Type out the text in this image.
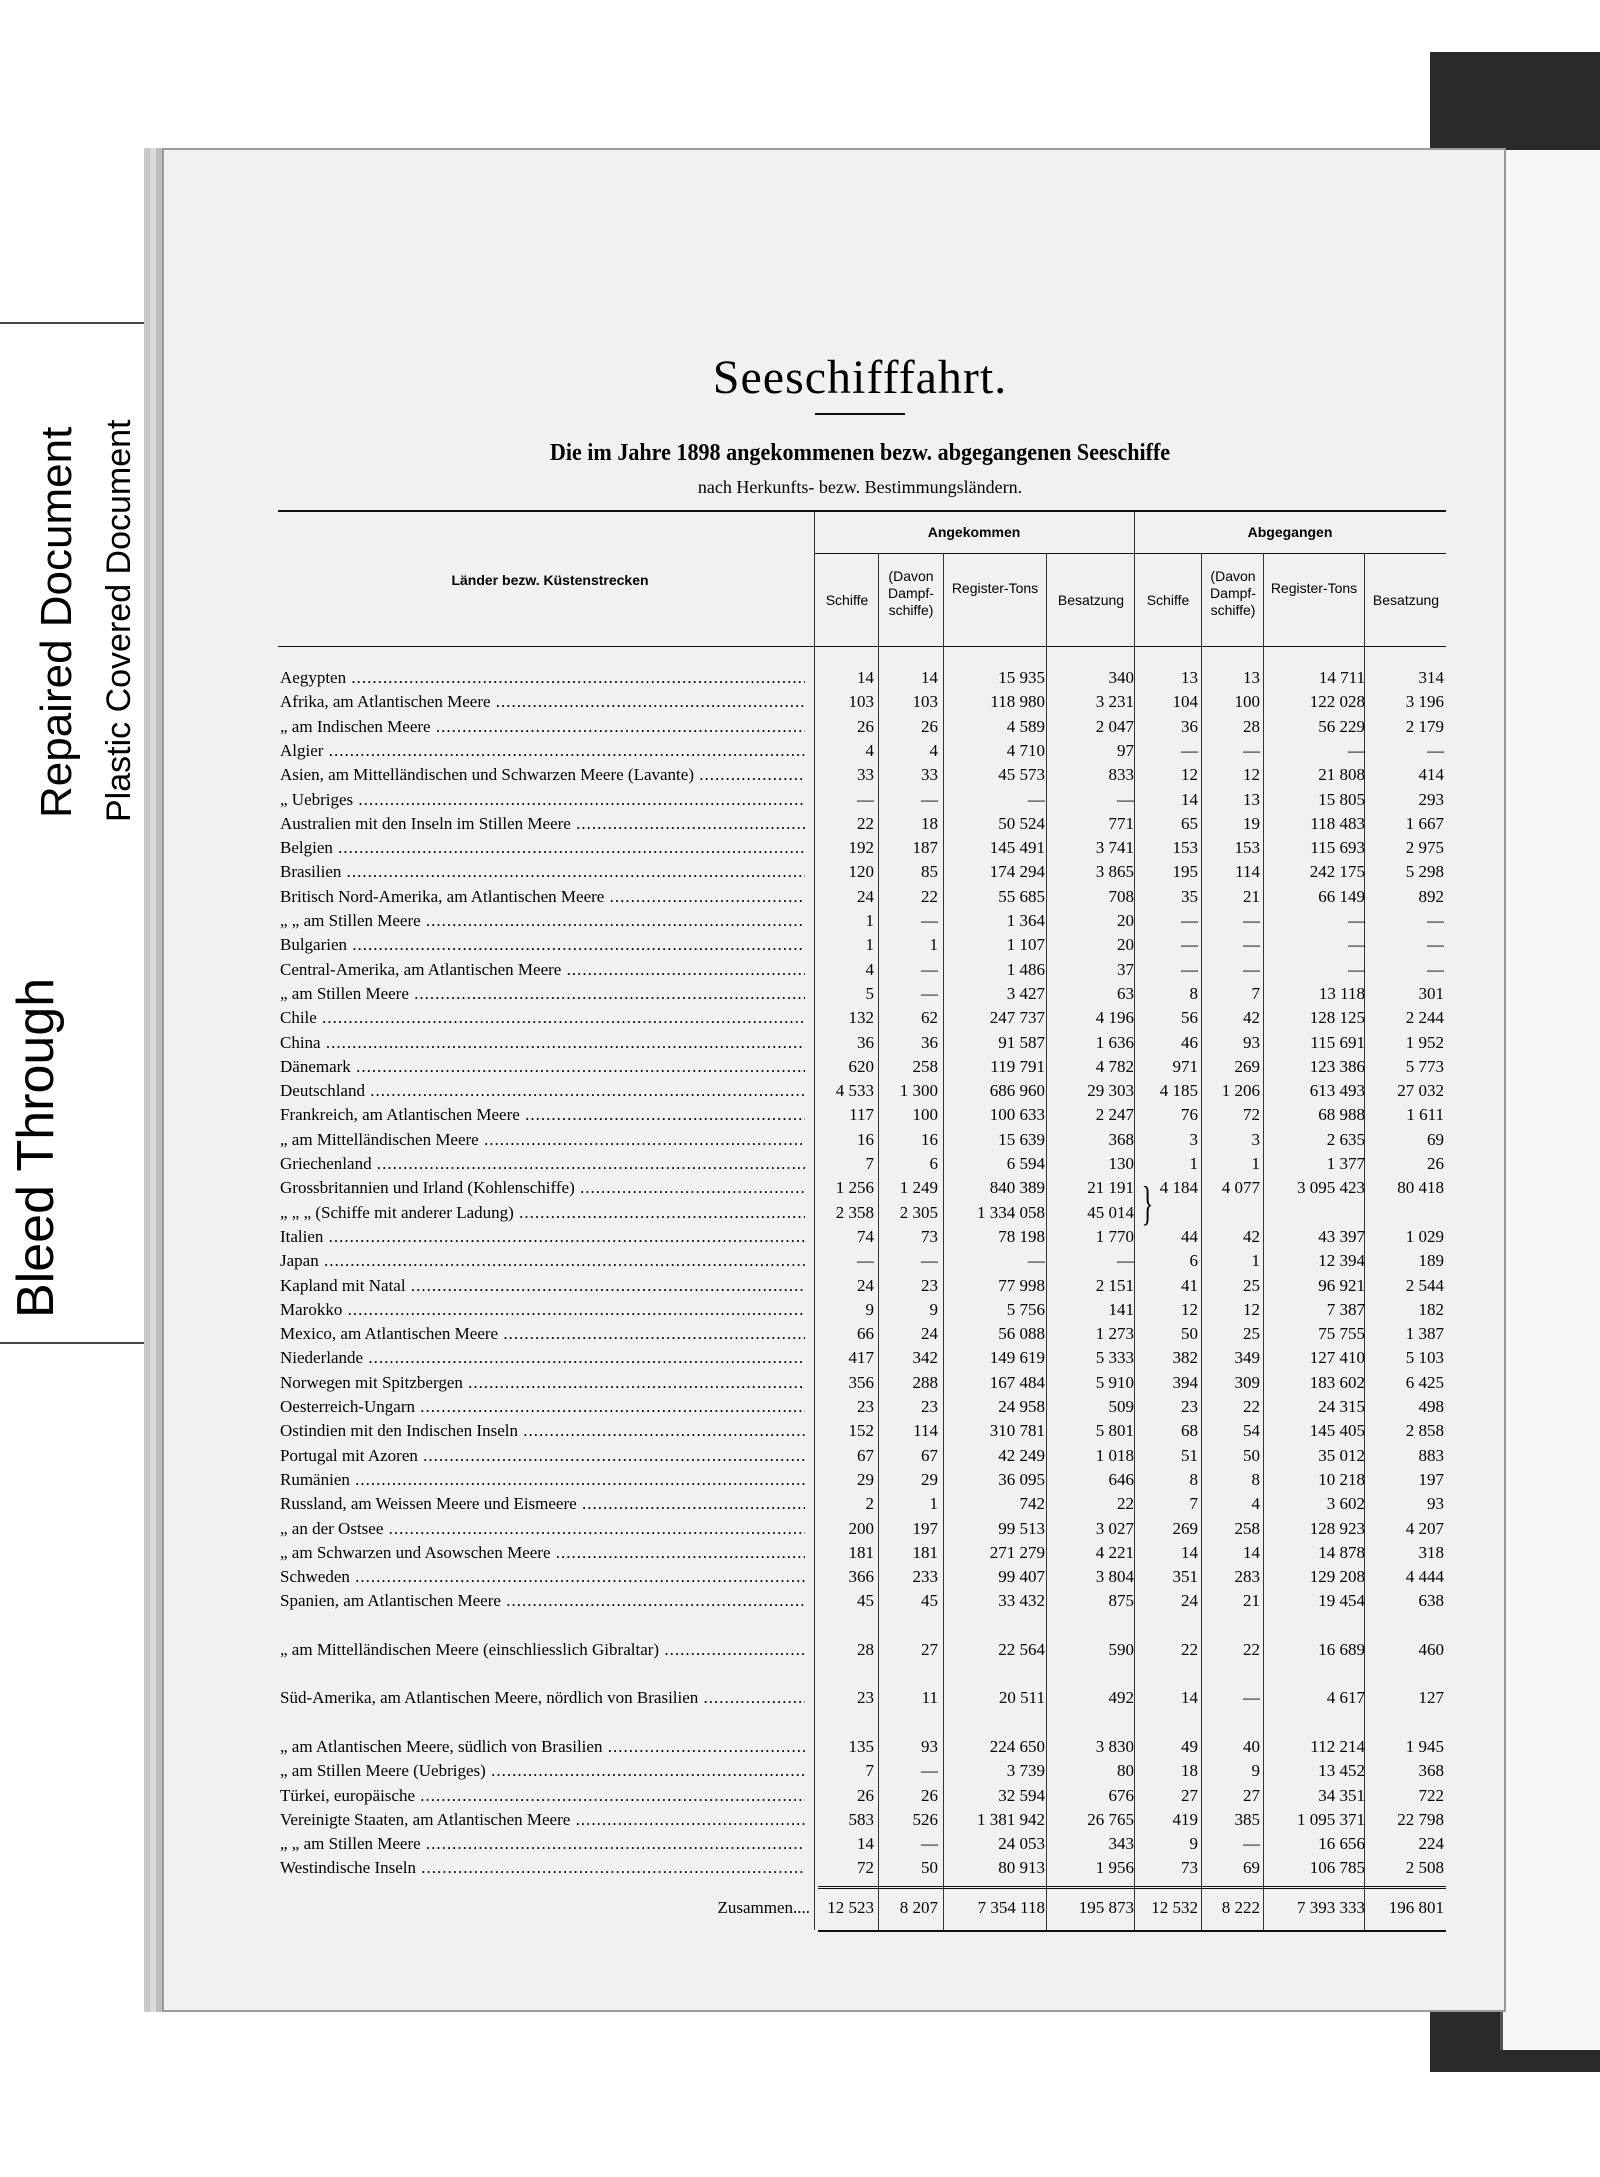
Bleed Through
Repaired Document Plastic Covered Document
Seeschifffahrt.
Die im Jahre 1898 angekommenen bezw. abgegangenen Seeschiffe
nach Herkunfts- bezw. Bestimmungsländern.
Länder bezw. Küstenstrecken
Angekommen	Abgegangen
Schiffe
(Davon Dampf-schiffe)
Register-Tons
Besatzung	Schiffe
(Davon Dampf-schiffe)
Register-Tons
Besatzung
Aegypten .....	14	14	15 935	340	13	13	14 711	314
Afrika, am Atlantischen Meere .....	103	103	118 980	3 231	104	100	122 028	3 196
„ am Indischen Meere .....	26	26	4 589	2 047	36	28	56 229	2 179
Algier .....	4	4	4 710	97	—	—	—	—
Asien, am Mittelländischen und Schwarzen Meere (Lavante) .....	33	33	45 573	833	12	12	21 808	414
„ Uebriges .....	—	—	—	—	14	13	15 805	293
Australien mit den Inseln im Stillen Meere .....	22	18	50 524	771	65	19	118 483	1 667
Belgien .....	192	187	145 491	3 741	153	153	115 693	2 975
Brasilien .....	120	85	174 294	3 865	195	114	242 175	5 298
Britisch Nord-Amerika, am Atlantischen Meere .....	24	22	55 685	708	35	21	66 149	892
„ „ am Stillen Meere .....	1	—	1 364	20	—	—	—	—
Bulgarien .....	1	1	1 107	20	—	—	—	—
Central-Amerika, am Atlantischen Meere .....	4	—	1 486	37	—	—	—	—
„ am Stillen Meere .....	5	—	3 427	63	8	7	13 118	301
Chile .....	132	62	247 737	4 196	56	42	128 125	2 244
China .....	36	36	91 587	1 636	46	93	115 691	1 952
Dänemark .....	620	258	119 791	4 782	971	269	123 386	5 773
Deutschland .....	4 533	1 300	686 960	29 303	4 185	1 206	613 493	27 032
Frankreich, am Atlantischen Meere .....	117	100	100 633	2 247	76	72	68 988	1 611
„ am Mittelländischen Meere .....	16	16	15 639	368	3	3	2 635	69
Griechenland .....	7	6	6 594	130	1	1	1 377	26
Grossbritannien und Irland (Kohlenschiffe) .....	1 256	1 249	840 389	21 191	4 184	4 077	3 095 423	80 418
„ „ „ (Schiffe mit anderer Ladung) .....	2 358	2 305	1 334 058	45 014
Italien .....	74	73	78 198	1 770	44	42	43 397	1 029
Japan .....	—	—	—	—	6	1	12 394	189
Kapland mit Natal .....	24	23	77 998	2 151	41	25	96 921	2 544
Marokko .....	9	9	5 756	141	12	12	7 387	182
Mexico, am Atlantischen Meere .....	66	24	56 088	1 273	50	25	75 755	1 387
Niederlande .....	417	342	149 619	5 333	382	349	127 410	5 103
Norwegen mit Spitzbergen .....	356	288	167 484	5 910	394	309	183 602	6 425
Oesterreich-Ungarn .....	23	23	24 958	509	23	22	24 315	498
Ostindien mit den Indischen Inseln .....	152	114	310 781	5 801	68	54	145 405	2 858
Portugal mit Azoren .....	67	67	42 249	1 018	51	50	35 012	883
Rumänien .....	29	29	36 095	646	8	8	10 218	197
Russland, am Weissen Meere und Eismeere .....	2	1	742	22	7	4	3 602	93
„ an der Ostsee .....	200	197	99 513	3 027	269	258	128 923	4 207
„ am Schwarzen und Asowschen Meere .....	181	181	271 279	4 221	14	14	14 878	318
Schweden .....	366	233	99 407	3 804	351	283	129 208	4 444
Spanien, am Atlantischen Meere .....	45	45	33 432	875	24	21	19 454	638
„ am Mittelländischen Meere (einschliesslich Gibraltar) .....	28	27	22 564	590	22	22	16 689	460
Süd-Amerika, am Atlantischen Meere, nördlich von Brasilien .....	23	11	20 511	492	14	—	4 617	127
„ am Atlantischen Meere, südlich von Brasilien .....	135	93	224 650	3 830	49	40	112 214	1 945
„ am Stillen Meere (Uebriges) .....	7	—	3 739	80	18	9	13 452	368
Türkei, europäische .....	26	26	32 594	676	27	27	34 351	722
Vereinigte Staaten, am Atlantischen Meere .....	583	526	1 381 942	26 765	419	385	1 095 371	22 798
„ „ am Stillen Meere .....	14	—	24 053	343	9	—	16 656	224
Westindische Inseln .....	72	50	80 913	1 956	73	69	106 785	2 508
Zusammen....	12 523	8 207	7 354 118	195 873	12 532	8 222	7 393 333	196 801
}
